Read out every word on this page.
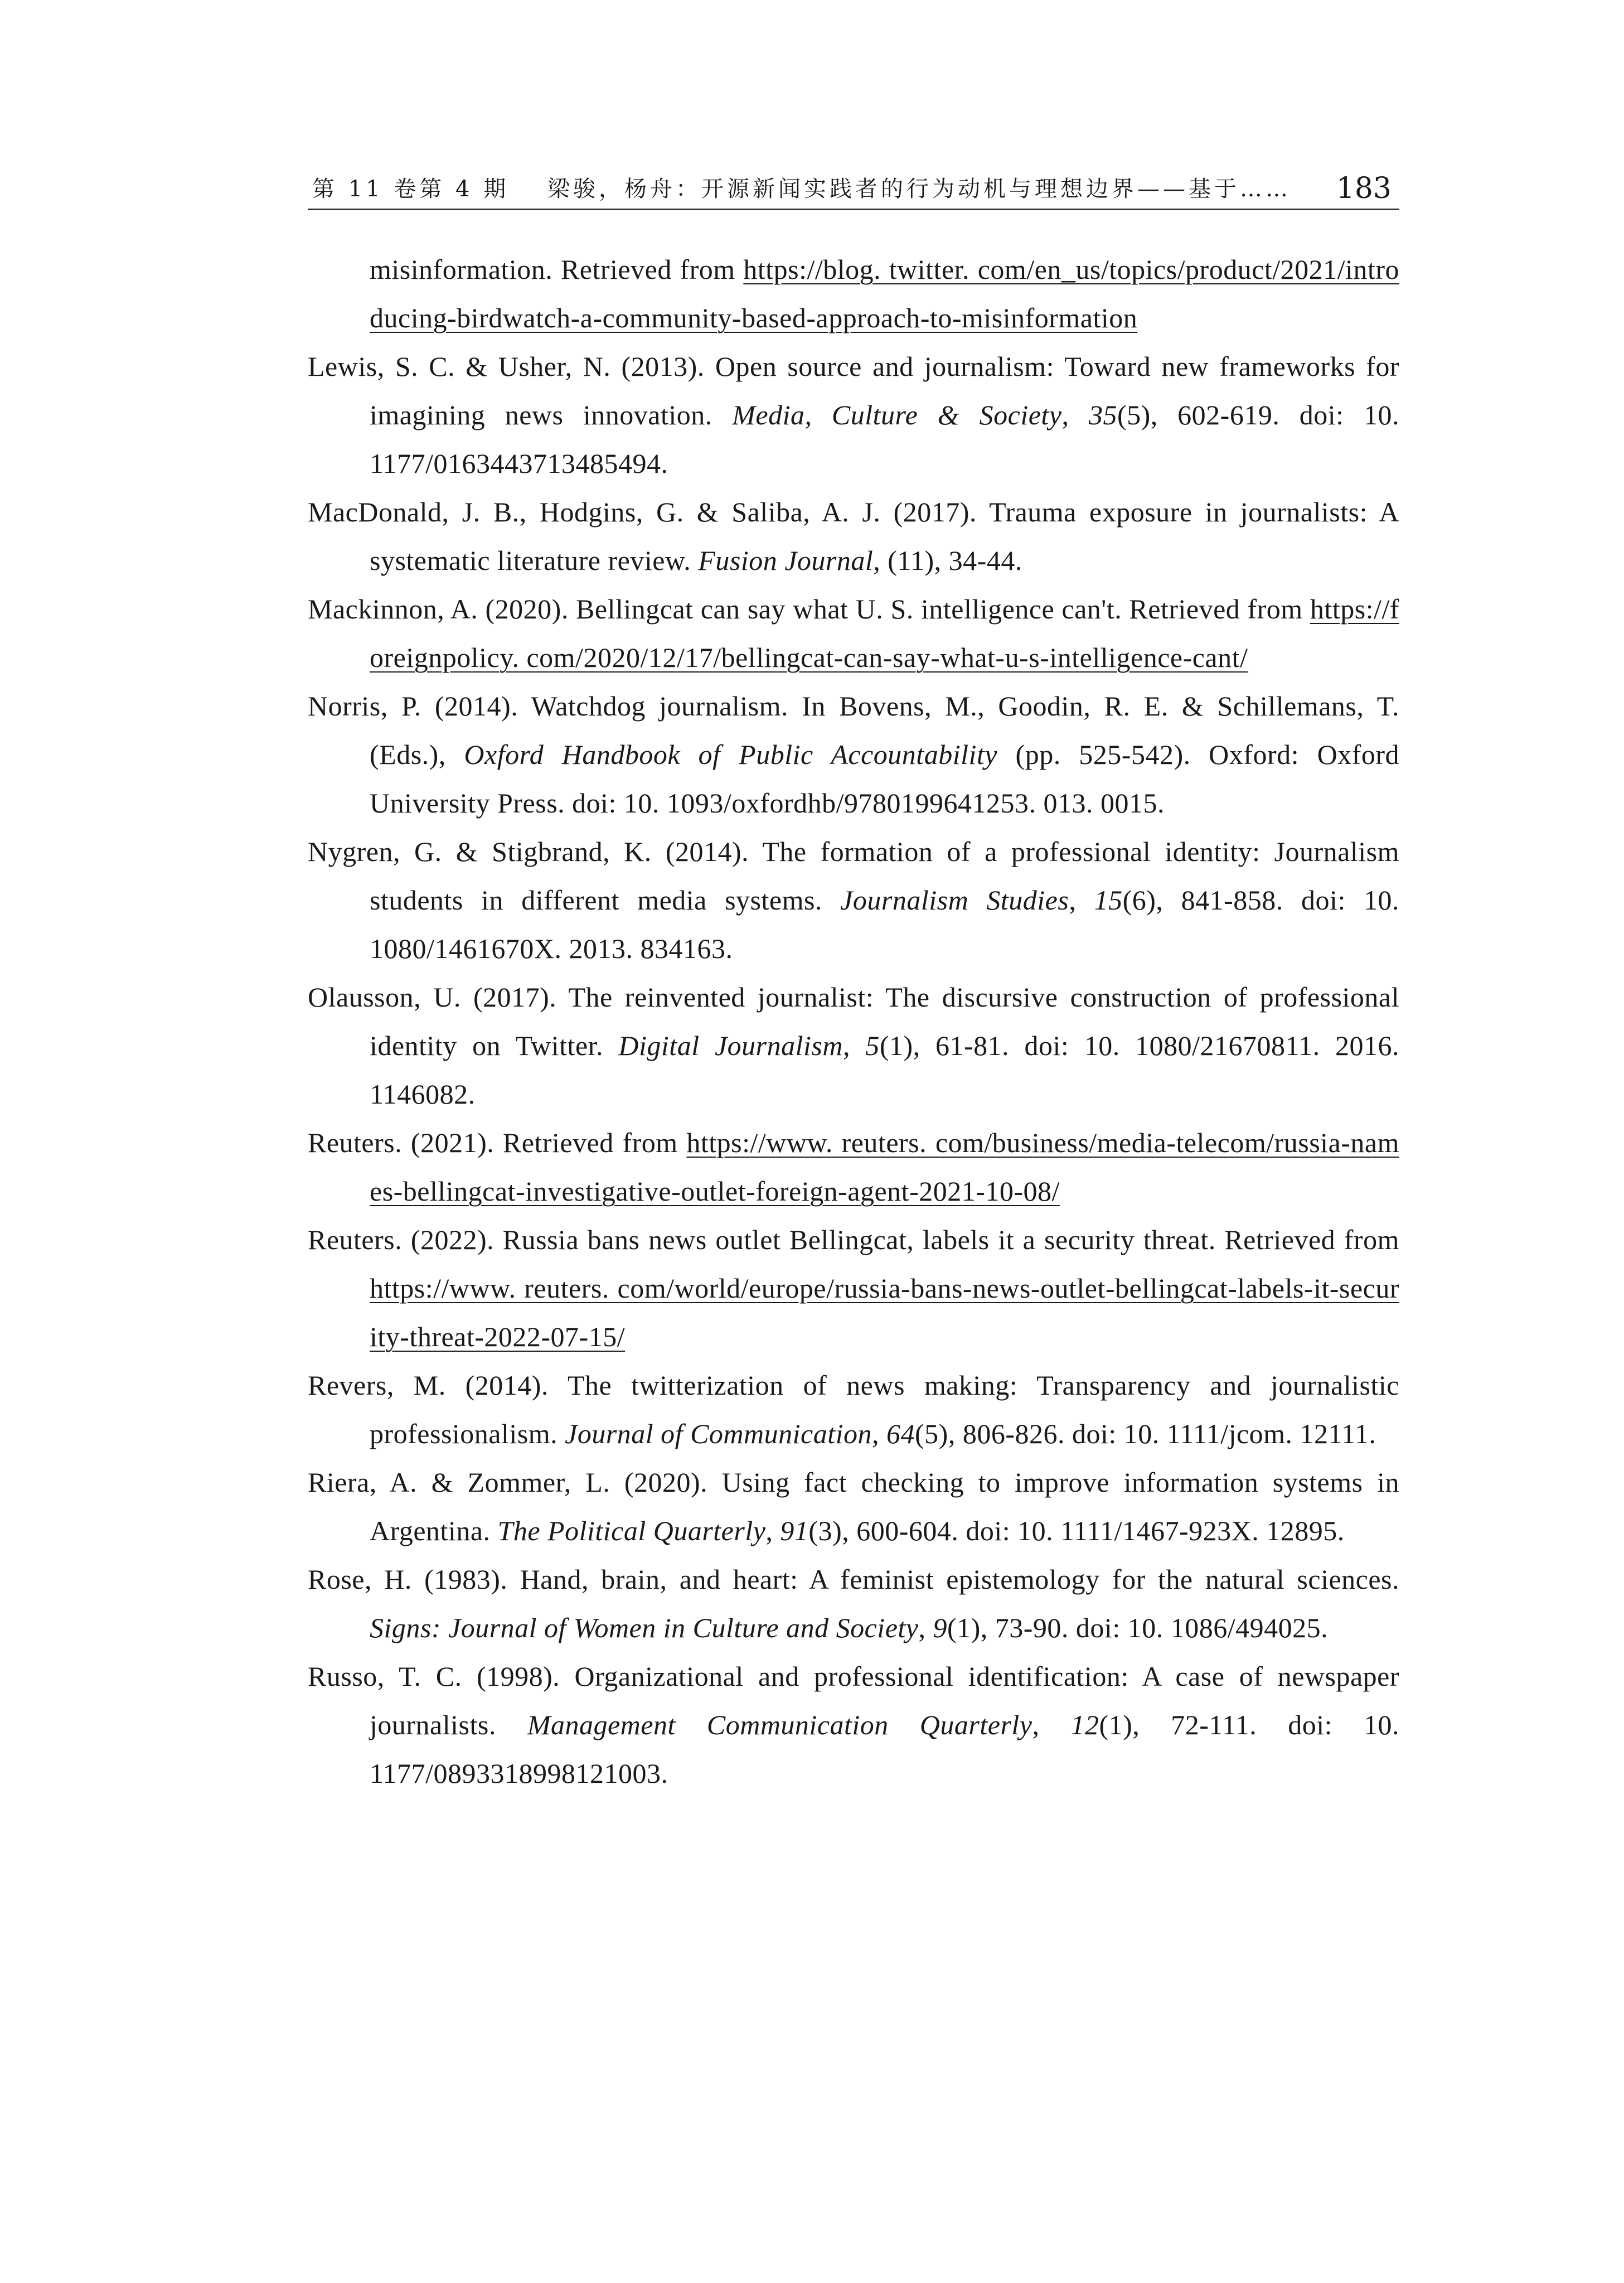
第 11 卷第 4 期 梁骏，杨舟：开源新闻实践者的行为动机与理想边界——基于…… 183

misinformation. Retrieved from https://blog. twitter. com/en_us/topics/product/2021/introducing-birdwatch-a-community-based-approach-to-misinformation

Lewis, S. C. & Usher, N. (2013). Open source and journalism: Toward new frameworks for imagining news innovation. Media, Culture & Society, 35(5), 602-619. doi: 10. 1177/0163443713485494.

MacDonald, J. B., Hodgins, G. & Saliba, A. J. (2017). Trauma exposure in journalists: A systematic literature review. Fusion Journal, (11), 34-44.

Mackinnon, A. (2020). Bellingcat can say what U. S. intelligence can't. Retrieved from https://foreignpolicy. com/2020/12/17/bellingcat-can-say-what-u-s-intelligence-cant/

Norris, P. (2014). Watchdog journalism. In Bovens, M., Goodin, R. E. & Schillemans, T. (Eds.), Oxford Handbook of Public Accountability (pp. 525-542). Oxford: Oxford University Press. doi: 10. 1093/oxfordhb/9780199641253. 013. 0015.

Nygren, G. & Stigbrand, K. (2014). The formation of a professional identity: Journalism students in different media systems. Journalism Studies, 15(6), 841-858. doi: 10. 1080/1461670X. 2013. 834163.

Olausson, U. (2017). The reinvented journalist: The discursive construction of professional identity on Twitter. Digital Journalism, 5(1), 61-81. doi: 10. 1080/21670811. 2016. 1146082.

Reuters. (2021). Retrieved from https://www. reuters. com/business/media-telecom/russia-names-bellingcat-investigative-outlet-foreign-agent-2021-10-08/

Reuters. (2022). Russia bans news outlet Bellingcat, labels it a security threat. Retrieved from https://www. reuters. com/world/europe/russia-bans-news-outlet-bellingcat-labels-it-security-threat-2022-07-15/

Revers, M. (2014). The twitterization of news making: Transparency and journalistic professionalism. Journal of Communication, 64(5), 806-826. doi: 10. 1111/jcom. 12111.

Riera, A. & Zommer, L. (2020). Using fact checking to improve information systems in Argentina. The Political Quarterly, 91(3), 600-604. doi: 10. 1111/1467-923X. 12895.

Rose, H. (1983). Hand, brain, and heart: A feminist epistemology for the natural sciences. Signs: Journal of Women in Culture and Society, 9(1), 73-90. doi: 10. 1086/494025.

Russo, T. C. (1998). Organizational and professional identification: A case of newspaper journalists. Management Communication Quarterly, 12(1), 72-111. doi: 10. 1177/0893318998121003.
